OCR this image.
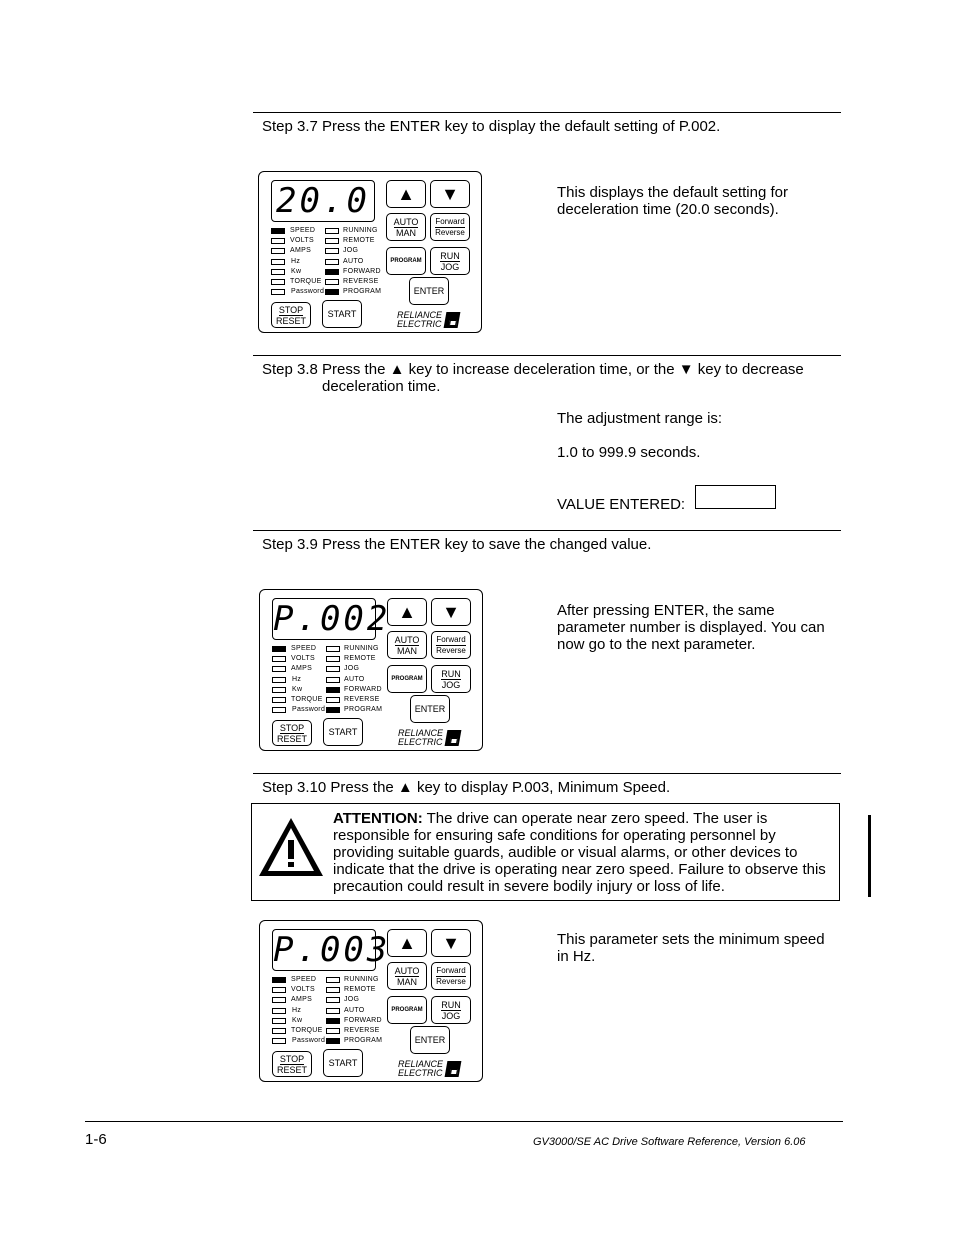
Step 3.7 Press the ENTER key to display the default setting of P.002.
20.0
SPEED
VOLTS
AMPS
Hz
Kw
TORQUE
Password
RUNNING
REMOTE
JOG
AUTO
FORWARD
REVERSE
PROGRAM
▲ ▼
AUTO
MAN
Forward
Reverse
PROGRAM
RUN
JOG
ENTER
STOP
RESET
START	RELIANCE
ELECTRIC
This displays the default setting for deceleration time (20.0 seconds).
Step 3.8 Press the ▲ key to increase deceleration time, or the ▼ key to decrease
deceleration time.
The adjustment range is:
1.0 to 999.9 seconds.
VALUE ENTERED:
Step 3.9 Press the ENTER key to save the changed value.
P.002
SPEED
VOLTS
AMPS
Hz
Kw
TORQUE
Password
RUNNING
REMOTE
JOG
AUTO
FORWARD
REVERSE
PROGRAM
▲ ▼
AUTO
MAN
Forward
Reverse
PROGRAM
RUN
JOG
ENTER
STOP
RESET
START	RELIANCE
ELECTRIC
After pressing ENTER, the same parameter number is displayed. You can now go to the next parameter.
Step 3.10 Press the ▲ key to display P.003, Minimum Speed.
ATTENTION: The drive can operate near zero speed. The user is responsible for ensuring safe conditions for operating personnel by providing suitable guards, audible or visual alarms, or other devices to indicate that the drive is operating near zero speed. Failure to observe this precaution could result in severe bodily injury or loss of life.
P.003
SPEED
VOLTS
AMPS
Hz
Kw
TORQUE
Password
RUNNING
REMOTE
JOG
AUTO
FORWARD
REVERSE
PROGRAM
▲ ▼
AUTO
MAN
Forward
Reverse
PROGRAM
RUN
JOG
ENTER
STOP
RESET
START	RELIANCE
ELECTRIC
This parameter sets the minimum speed in Hz.
1-6	GV3000/SE AC Drive Software Reference, Version 6.06
